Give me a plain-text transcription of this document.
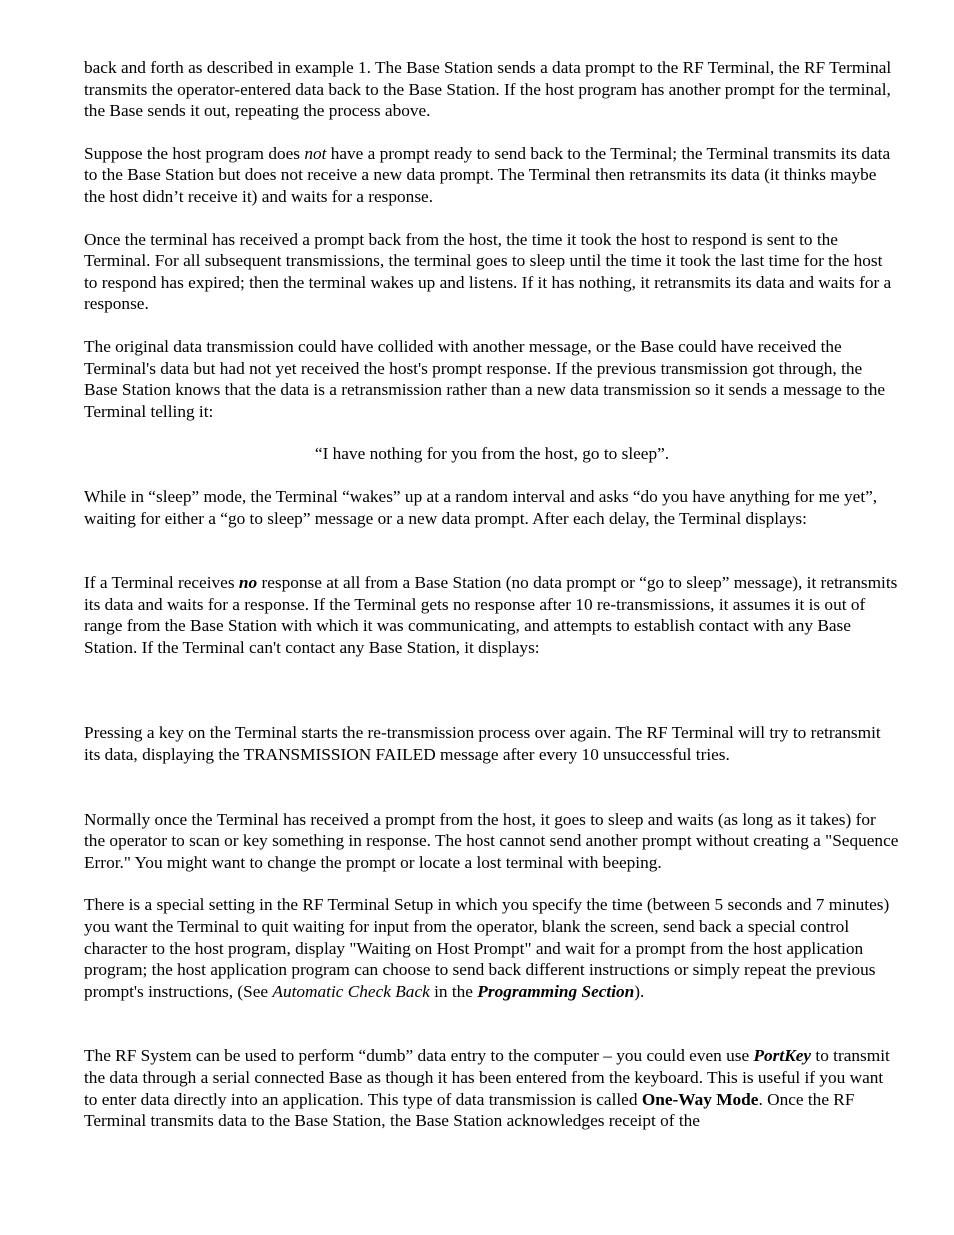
back and forth as described in example 1. The Base Station sends a data prompt to the RF Terminal, the RF Terminal transmits the operator-entered data back to the Base Station. If the host program has another prompt for the terminal, the Base sends it out, repeating the process above.

Suppose the host program does not have a prompt ready to send back to the Terminal; the Terminal transmits its data to the Base Station but does not receive a new data prompt. The Terminal then retransmits its data (it thinks maybe the host didn’t receive it) and waits for a response.

Once the terminal has received a prompt back from the host, the time it took the host to respond is sent to the Terminal. For all subsequent transmissions, the terminal goes to sleep until the time it took the last time for the host to respond has expired; then the terminal wakes up and listens. If it has nothing, it retransmits its data and waits for a response.

The original data transmission could have collided with another message, or the Base could have received the Terminal's data but had not yet received the host's prompt response. If the previous transmission got through, the Base Station knows that the data is a retransmission rather than a new data transmission so it sends a message to the Terminal telling it:

“I have nothing for you from the host, go to sleep”.

While in “sleep” mode, the Terminal “wakes” up at a random interval and asks “do you have anything for me yet”, waiting for either a “go to sleep” message or a new data prompt. After each delay, the Terminal displays:

If a Terminal receives no response at all from a Base Station (no data prompt or “go to sleep” message), it retransmits its data and waits for a response. If the Terminal gets no response after 10 re-transmissions, it assumes it is out of range from the Base Station with which it was communicating, and attempts to establish contact with any Base Station. If the Terminal can't contact any Base Station, it displays:

Pressing a key on the Terminal starts the re-transmission process over again. The RF Terminal will try to retransmit its data, displaying the TRANSMISSION FAILED message after every 10 unsuccessful tries.

Normally once the Terminal has received a prompt from the host, it goes to sleep and waits (as long as it takes) for the operator to scan or key something in response. The host cannot send another prompt without creating a "Sequence Error." You might want to change the prompt or locate a lost terminal with beeping.

There is a special setting in the RF Terminal Setup in which you specify the time (between 5 seconds and 7 minutes) you want the Terminal to quit waiting for input from the operator, blank the screen, send back a special control character to the host program, display "Waiting on Host Prompt" and wait for a prompt from the host application program; the host application program can choose to send back different instructions or simply repeat the previous prompt's instructions, (See Automatic Check Back in the Programming Section).

The RF System can be used to perform “dumb” data entry to the computer – you could even use PortKey to transmit the data through a serial connected Base as though it has been entered from the keyboard. This is useful if you want to enter data directly into an application. This type of data transmission is called One-Way Mode. Once the RF Terminal transmits data to the Base Station, the Base Station acknowledges receipt of the
